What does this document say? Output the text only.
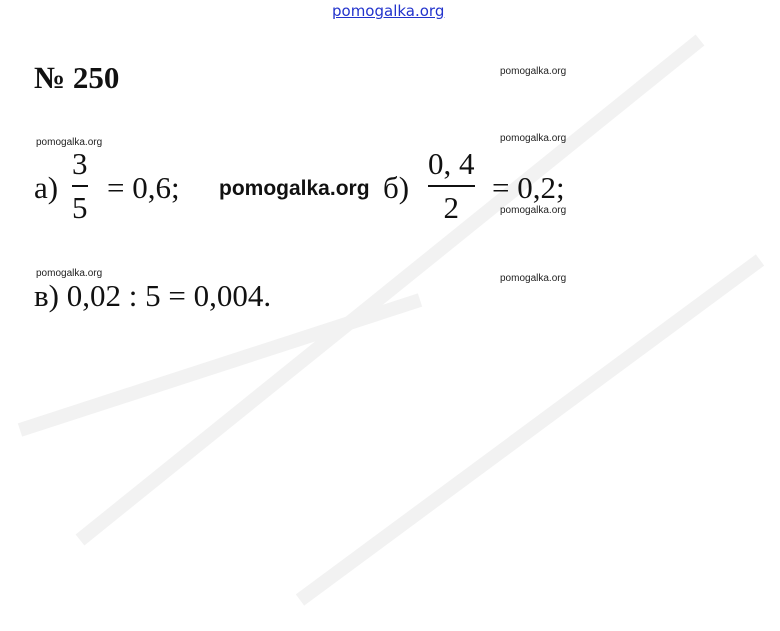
pomogalka.org
№ 250	pomogalka.org
pomogalka.org	pomogalka.org
pomogalka.org
pomogalka.org	pomogalka.org
а)
3
5
= 0,6; pomogalka.org б)
0, 4
2
= 0,2;
в) 0,02 : 5 = 0,004.
